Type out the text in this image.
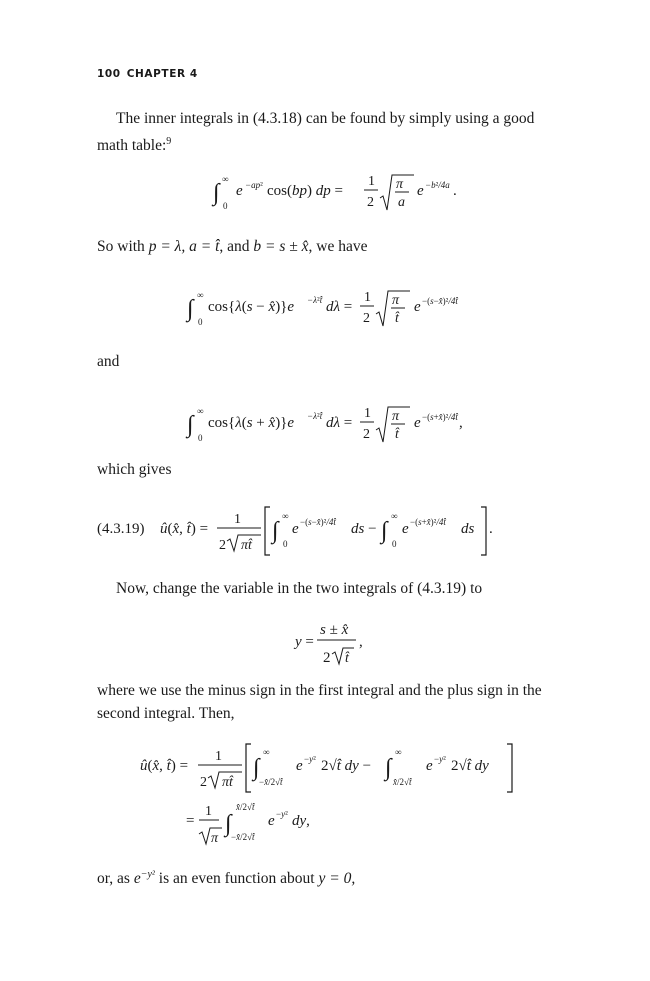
100 CHAPTER 4
The inner integrals in (4.3.18) can be found by simply using a good math table:$^9$
∫
∞
0
e −ap² cos(bp) dp =
1
2
π
a
e −b²/4a .
So with p = λ, a = t̂, and b = s ± x̂, we have
∫
∞
0
cos{λ(s − x̂)}e −λ²t̂ dλ =
1
2
π
t̂
e −(s−x̂)²/4t̂
and
∫
∞
0
cos{λ(s + x̂)}e −λ²t̂ dλ =
1
2
π
t̂
e −(s+x̂)²/4t̂ ,
which gives
(4.3.19) û(x̂, t̂) =
1
2 πt̂
∫
∞
0
e −(s−x̂)²/4t̂ ds − ∫
∞
0
e −(s+x̂)²/4t̂ ds .
Now, change the variable in the two integrals of (4.3.19) to
y =
s ± x̂
2 t̂
,
where we use the minus sign in the first integral and the plus sign in the second integral. Then,
û(x̂, t̂) =
1
2 πt̂
∫
∞
−x̂/2√t̂
e −y² 2√t̂ dy − ∫
∞
x̂/2√t̂
e −y² 2√t̂ dy
=
1
π
∫
x̂/2√t̂
−x̂/2√t̂
e −y² dy,
or, as $e^{-y^2}$ is an even function about y = 0,
